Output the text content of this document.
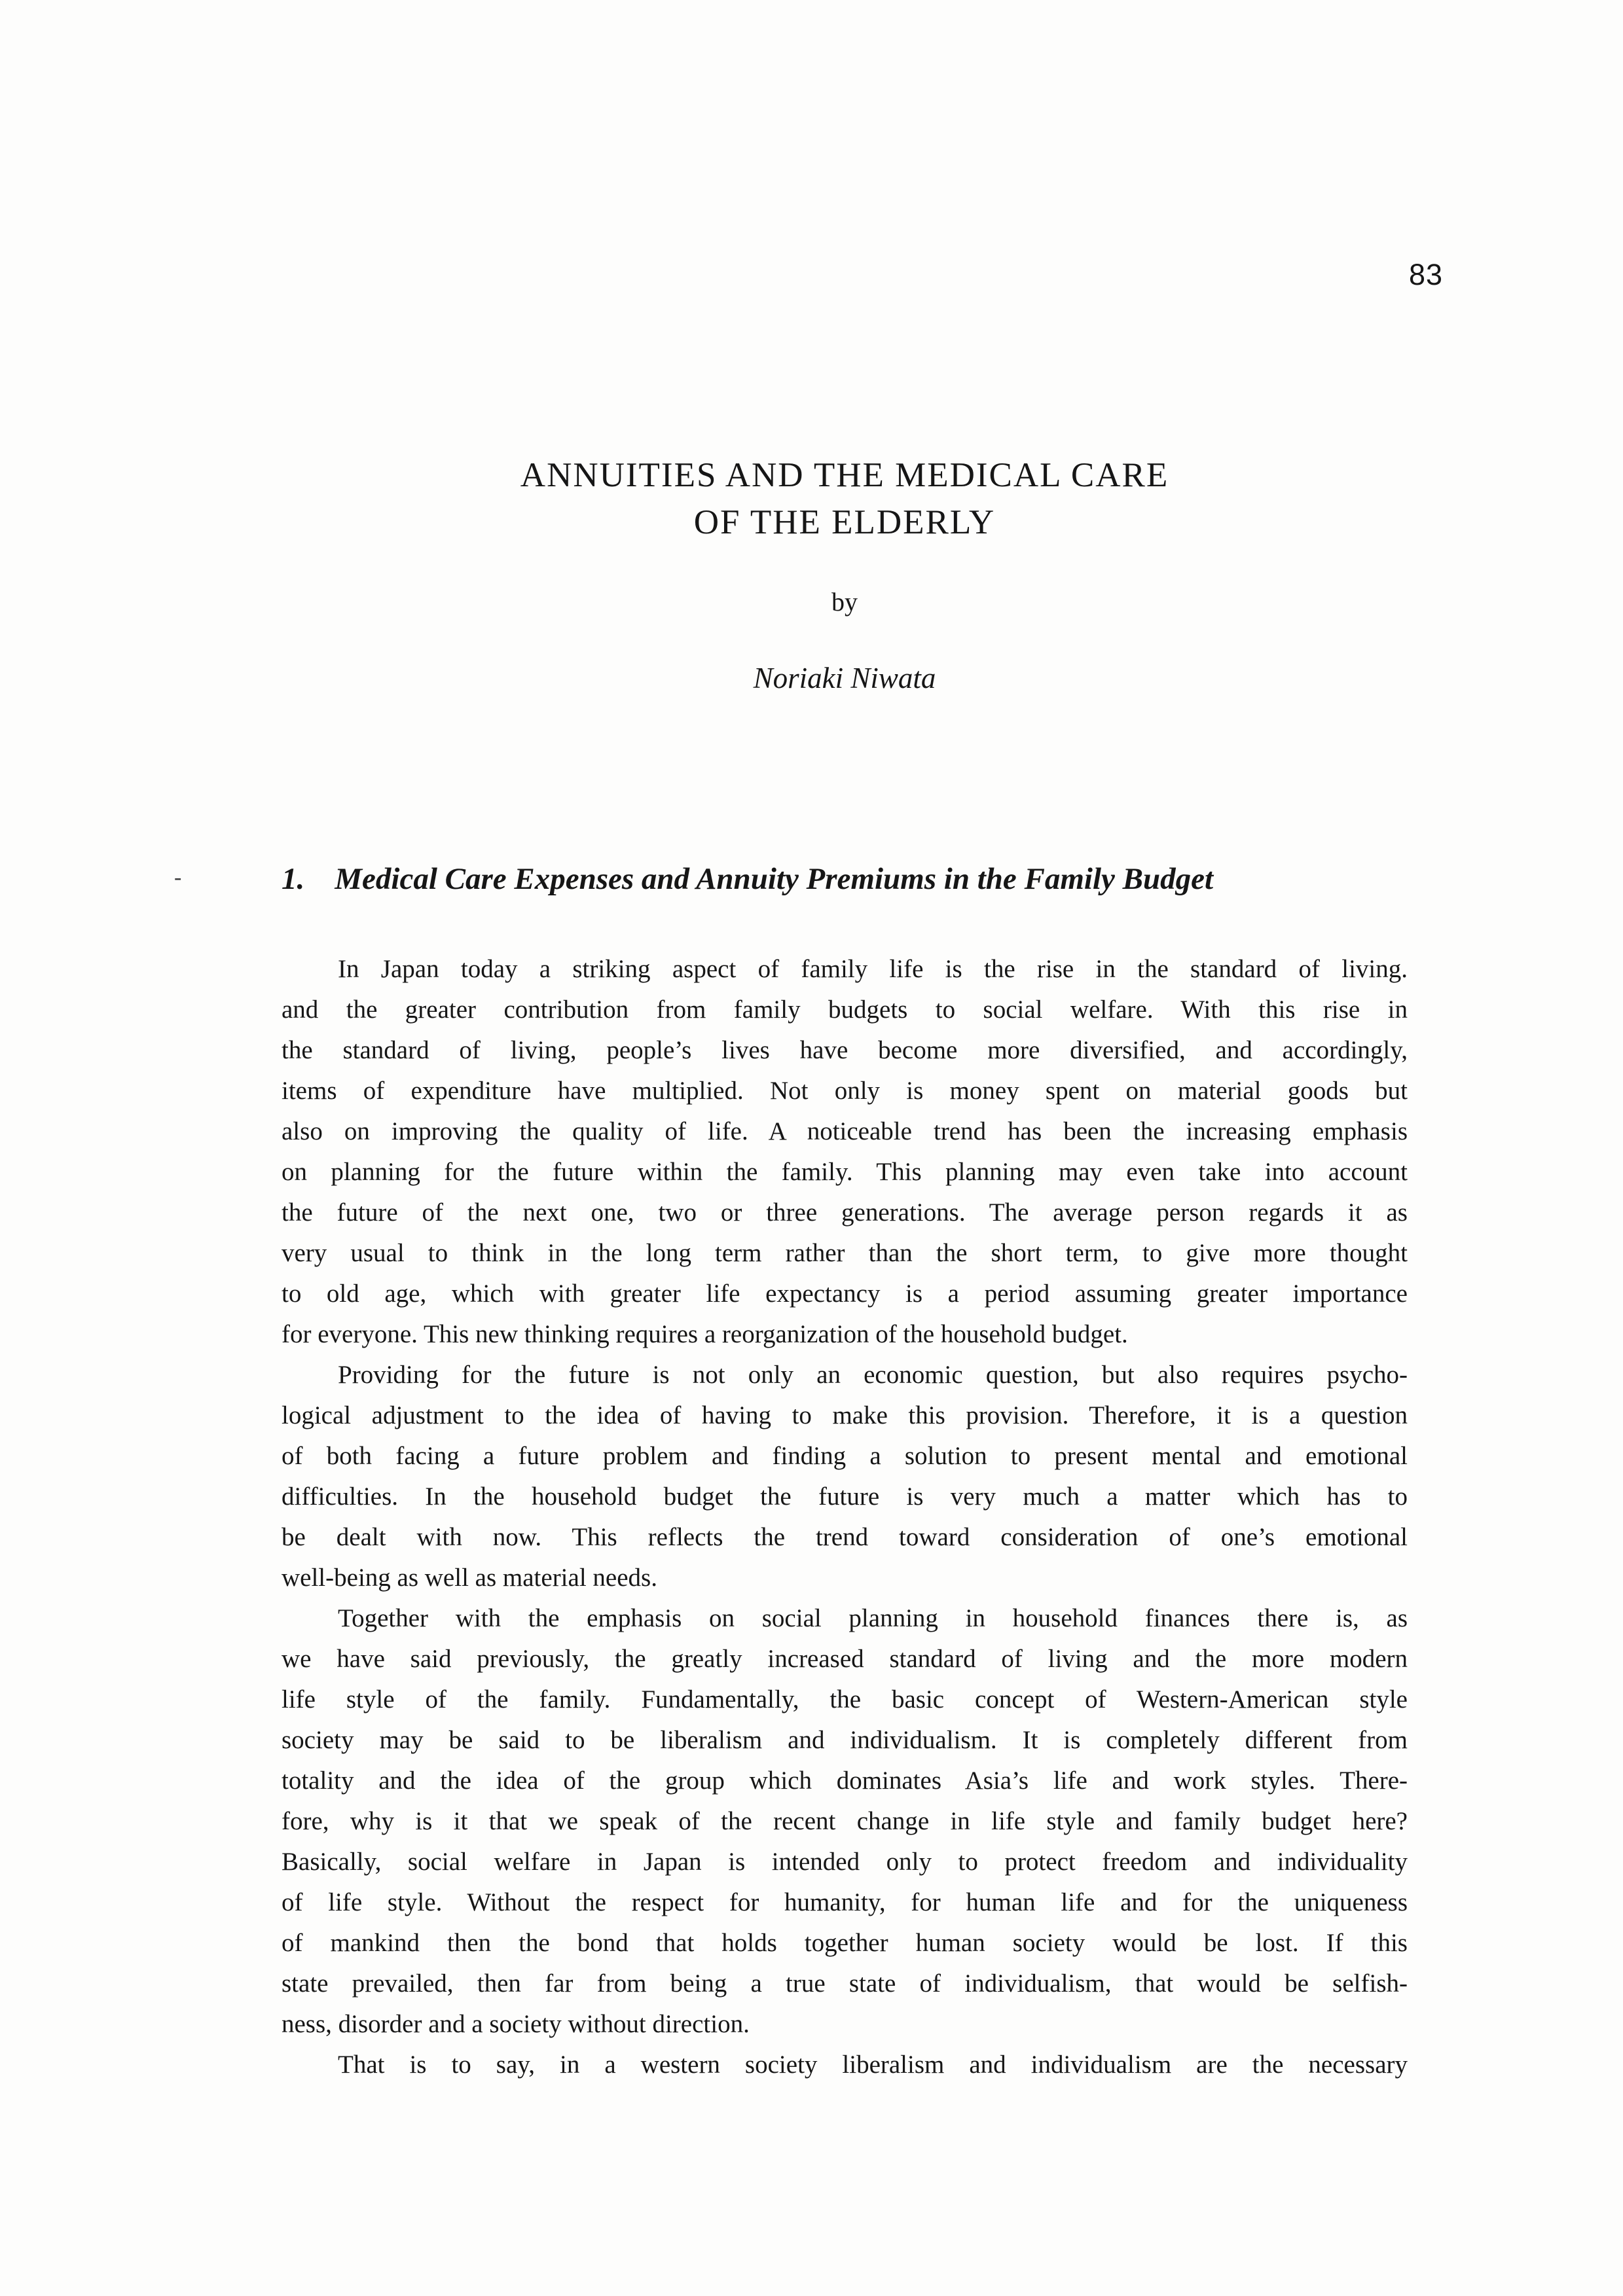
83
ANNUITIES AND THE MEDICAL CARE
OF THE ELDERLY
by
Noriaki Niwata
-	1. Medical Care Expenses and Annuity Premiums in the Family Budget
In Japan today a striking aspect of family life is the rise in the standard of living.
and the greater contribution from family budgets to social welfare. With this rise in
the standard of living, people’s lives have become more diversified, and accordingly,
items of expenditure have multiplied. Not only is money spent on material goods but
also on improving the quality of life. A noticeable trend has been the increasing emphasis
on planning for the future within the family. This planning may even take into account
the future of the next one, two or three generations. The average person regards it as
very usual to think in the long term rather than the short term, to give more thought
to old age, which with greater life expectancy is a period assuming greater importance
for everyone. This new thinking requires a reorganization of the household budget.
Providing for the future is not only an economic question, but also requires psycho-
logical adjustment to the idea of having to make this provision. Therefore, it is a question
of both facing a future problem and finding a solution to present mental and emotional
difficulties. In the household budget the future is very much a matter which has to
be dealt with now. This reflects the trend toward consideration of one’s emotional
well-being as well as material needs.
Together with the emphasis on social planning in household finances there is, as
we have said previously, the greatly increased standard of living and the more modern
life style of the family. Fundamentally, the basic concept of Western-American style
society may be said to be liberalism and individualism. It is completely different from
totality and the idea of the group which dominates Asia’s life and work styles. There-
fore, why is it that we speak of the recent change in life style and family budget here?
Basically, social welfare in Japan is intended only to protect freedom and individuality
of life style. Without the respect for humanity, for human life and for the uniqueness
of mankind then the bond that holds together human society would be lost. If this
state prevailed, then far from being a true state of individualism, that would be selfish-
ness, disorder and a society without direction.
That is to say, in a western society liberalism and individualism are the necessary
